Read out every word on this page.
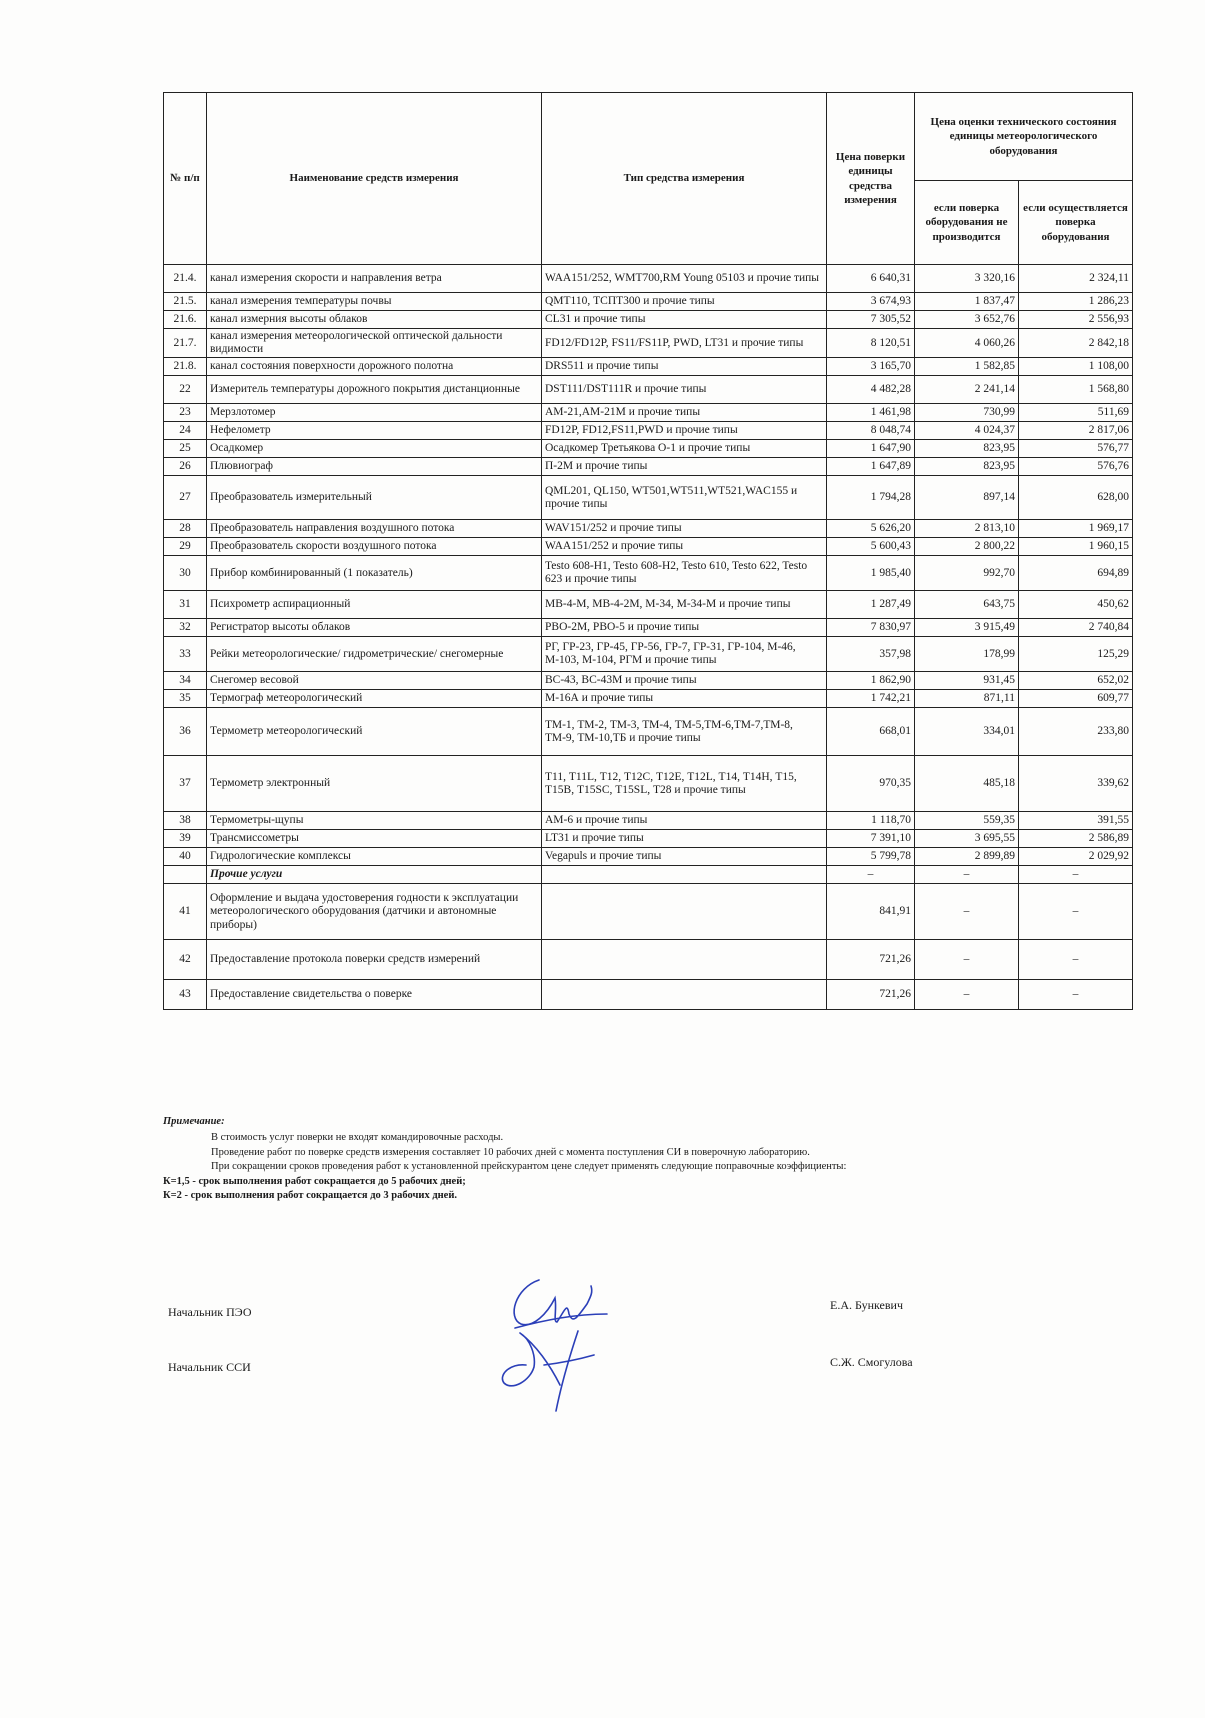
№ п/п	Наименование средств измерения	Тип средства измерения	Цена поверки единицы средства измерения	Цена оценки технического состояния единицы метеорологического оборудования	
				если поверка оборудования не производится	если осуществляется поверка оборудования
21.4.	канал измерения скорости и направления ветра	WAA151/252, WMT700,RM Young 05103 и прочие типы	6 640,31	3 320,16	2 324,11
21.5.	канал измерения температуры почвы	QMT110, ТСПТ300 и прочие типы	3 674,93	1 837,47	1 286,23
21.6.	канал измерния высоты облаков	CL31 и прочие типы	7 305,52	3 652,76	2 556,93
21.7.	канал измерения метеорологической оптической дальности видимости	FD12/FD12P, FS11/FS11P, PWD, LT31 и прочие типы	8 120,51	4 060,26	2 842,18
21.8.	канал состояния поверхности дорожного полотна	DRS511 и прочие типы	3 165,70	1 582,85	1 108,00
22	Измеритель температуры дорожного покрытия дистанционные	DST111/DST111R и прочие типы	4 482,28	2 241,14	1 568,80
23	Мерзлотомер	АМ-21,АМ-21М и прочие типы	1 461,98	730,99	511,69
24	Нефелометр	FD12P, FD12,FS11,PWD и прочие типы	8 048,74	4 024,37	2 817,06
25	Осадкомер	Осадкомер Третьякова О-1 и прочие типы	1 647,90	823,95	576,77
26	Плювиограф	П-2М и прочие типы	1 647,89	823,95	576,76
27	Преобразователь измерительный	QML201, QL150, WT501,WT511,WT521,WAC155 и прочие типы	1 794,28	897,14	628,00
28	Преобразователь направления воздушного потока	WAV151/252 и прочие типы	5 626,20	2 813,10	1 969,17
29	Преобразователь скорости воздушного потока	WAA151/252 и прочие типы	5 600,43	2 800,22	1 960,15
30	Прибор комбинированный (1 показатель)	Testo 608-H1, Testo 608-H2, Testo 610, Testo 622, Testo 623 и прочие типы	1 985,40	992,70	694,89
31	Психрометр аспирационный	МВ-4-М, МВ-4-2М, М-34, М-34-М и прочие типы	1 287,49	643,75	450,62
32	Регистратор высоты облаков	РВО-2М, РВО-5 и прочие типы	7 830,97	3 915,49	2 740,84
33	Рейки метеорологические/ гидрометрические/ снегомерные	РГ, ГР-23, ГР-45, ГР-56, ГР-7, ГР-31, ГР-104, М-46, М-103, М-104, РГМ и прочие типы	357,98	178,99	125,29
34	Снегомер весовой	ВС-43, ВС-43М и прочие типы	1 862,90	931,45	652,02
35	Термограф метеорологический	М-16А и прочие типы	1 742,21	871,11	609,77
36	Термометр метеорологический	ТМ-1, ТМ-2, ТМ-3, ТМ-4, ТМ-5,ТМ-6,ТМ-7,ТМ-8, ТМ-9, ТМ-10,ТБ и прочие типы	668,01	334,01	233,80
37	Термометр электронный	Т11, Т11L, Т12, Т12С, Т12Е, Т12L, Т14, Т14Н, Т15, Т15В, Т15SC, Т15SL, Т28 и прочие типы	970,35	485,18	339,62
38	Термометры-щупы	АМ-6 и прочие типы	1 118,70	559,35	391,55
39	Трансмиссометры	LT31 и прочие типы	7 391,10	3 695,55	2 586,89
40	Гидрологические комплексы	Vegapuls и прочие типы	5 799,78	2 899,89	2 029,92
	Прочие услуги		–	–	–
41	Оформление и выдача удостоверения годности к эксплуатации метеорологического оборудования (датчики и автономные приборы)		841,91	–	–
42	Предоставление протокола поверки средств измерений		721,26	–	–
43	Предоставление свидетельства о поверке		721,26	–	–
Примечание:
В стоимость услуг поверки не входят командировочные расходы.
Проведение работ по поверке средств измерения составляет 10 рабочих дней с момента поступления СИ в поверочную лабораторию.
При сокращении сроков проведения работ к установленной прейскурантом цене следует применять следующие поправочные коэффициенты:
К=1,5 - срок выполнения работ сокращается до 5 рабочих дней;
К=2 - срок выполнения работ сокращается до 3 рабочих дней.
Начальник ПЭО	Е.А. Бункевич
Начальник ССИ	С.Ж. Смогулова
